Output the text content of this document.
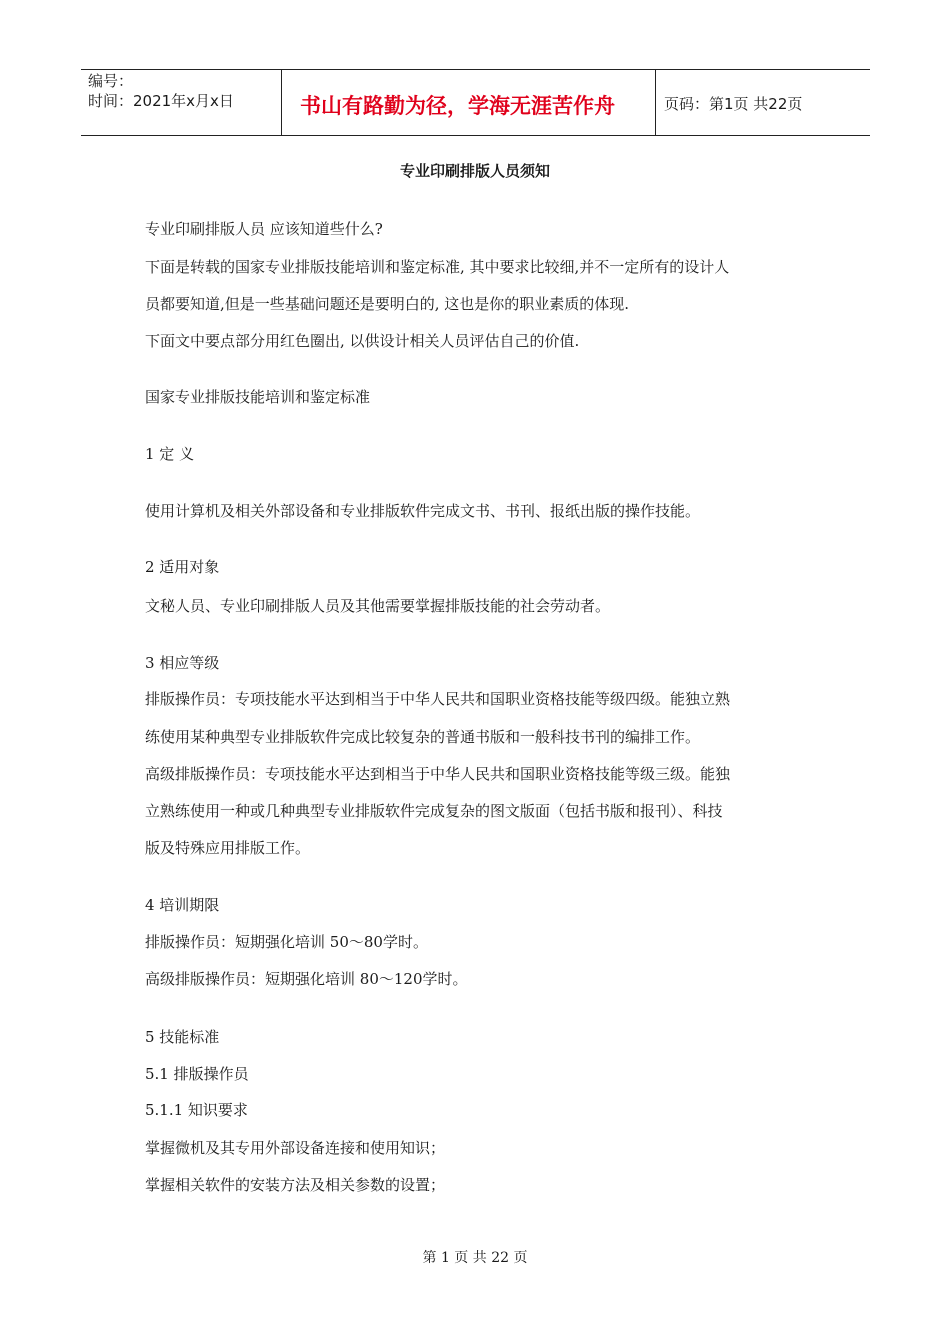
编号：
时间：2021年x月x日	书山有路勤为径，学海无涯苦作舟	页码：第1页 共22页
专业印刷排版人员须知
专业印刷排版人员 应该知道些什么?
下面是转载的国家专业排版技能培训和鉴定标准, 其中要求比较细,并不一定所有的设计人
员都要知道,但是一些基础问题还是要明白的, 这也是你的职业素质的体现.
下面文中要点部分用红色圈出, 以供设计相关人员评估自己的价值.
国家专业排版技能培训和鉴定标准
1 定 义
使用计算机及相关外部设备和专业排版软件完成文书、书刊、报纸出版的操作技能。
2 适用对象
文秘人员、专业印刷排版人员及其他需要掌握排版技能的社会劳动者。
3 相应等级
排版操作员：专项技能水平达到相当于中华人民共和国职业资格技能等级四级。能独立熟
练使用某种典型专业排版软件完成比较复杂的普通书版和一般科技书刊的编排工作。
高级排版操作员：专项技能水平达到相当于中华人民共和国职业资格技能等级三级。能独
立熟练使用一种或几种典型专业排版软件完成复杂的图文版面（包括书版和报刊）、科技
版及特殊应用排版工作。
4 培训期限
排版操作员：短期强化培训 50～80学时。
高级排版操作员：短期强化培训 80～120学时。
5 技能标准
5.1 排版操作员
5.1.1 知识要求
掌握微机及其专用外部设备连接和使用知识；
掌握相关软件的安装方法及相关参数的设置；
第 1 页 共 22 页
